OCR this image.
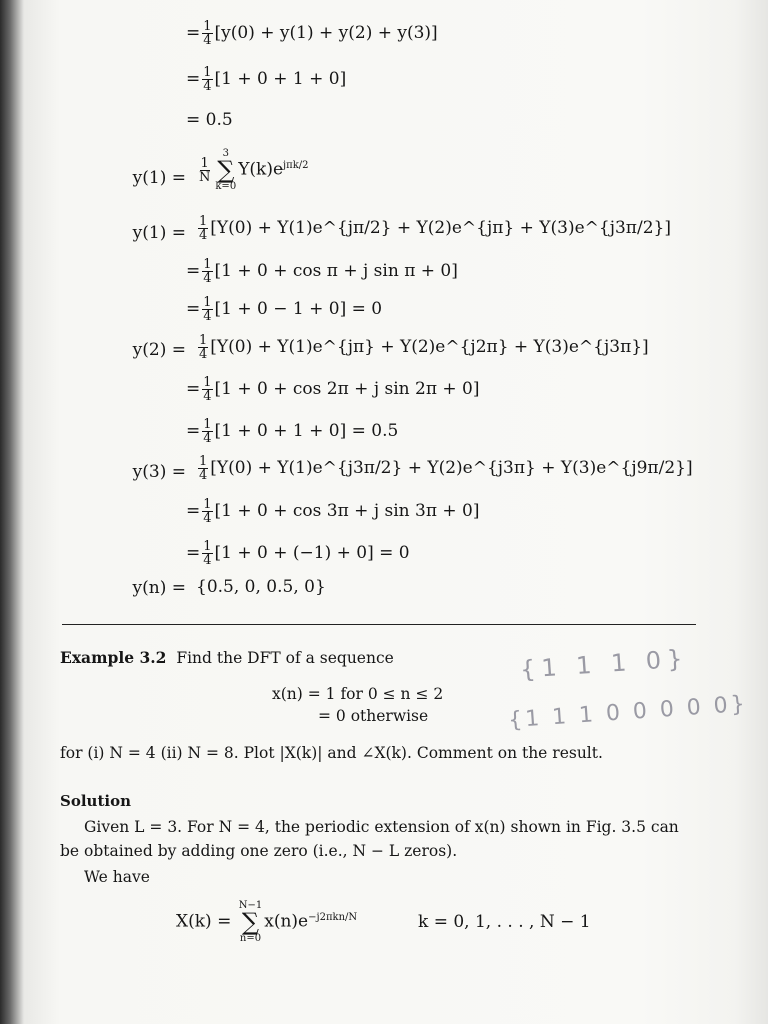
= $\frac{1}{4} [y(0) + y(1) + y(2) + y(3)]$
= $\frac{1}{4} [1 + 0 + 1 + 0]$
= 0.5
$y(1) = \frac{1}{N}$
3
∑
k=0
$Y(k)e^{j\pi k/2}$
$y(1) = \frac{1}{4} [Y(0)$ + Y(1)e^{jπ/2} + Y(2)e^{jπ} + Y(3)e^{j3π/2}]
= $\frac{1}{4} [1 + 0 + \cos \pi + j$ sin π + 0]
= $\frac{1}{4} [1 + 0 - 1 + 0] = 0$
$y(2) = \frac{1}{4} [Y(0)$ + Y(1)e^{jπ} + Y(2)e^{j2π} + Y(3)e^{j3π}]
= $\frac{1}{4} [1 + 0 + \cos 2\pi + j$ sin 2π + 0]
= $\frac{1}{4} [1 + 0 + 1 + 0] = 0.5$
$y(3) = \frac{1}{4} [Y(0)$ + Y(1)e^{j3π/2} + Y(2)e^{j3π} + Y(3)e^{j9π/2}]
= $\frac{1}{4} [1 + 0 + \cos 3\pi + j$ sin 3π + 0]
= $\frac{1}{4} [1 + 0 + (-1) + 0] = 0$
y(n) = {0.5, 0, 0.5, 0}
Example 3.2 Find the DFT of a sequence
x(n) = 1 for 0 ≤ n ≤ 2
= 0 otherwise
{1 1 1 0}
{1 1 1 0 0 0 0 0}
for (i) N = 4 (ii) N = 8. Plot |X(k)| and ∠X(k). Comment on the result.
Solution
Given L = 3. For N = 4, the periodic extension of x(n) shown in Fig. 3.5 can
be obtained by adding one zero (i.e., N − L zeros).
We have
X(k) =
N−1
∑
n=0
$x(n)e^{-j2\pi kn/N}$	k = 0, 1, . . . , N − 1
